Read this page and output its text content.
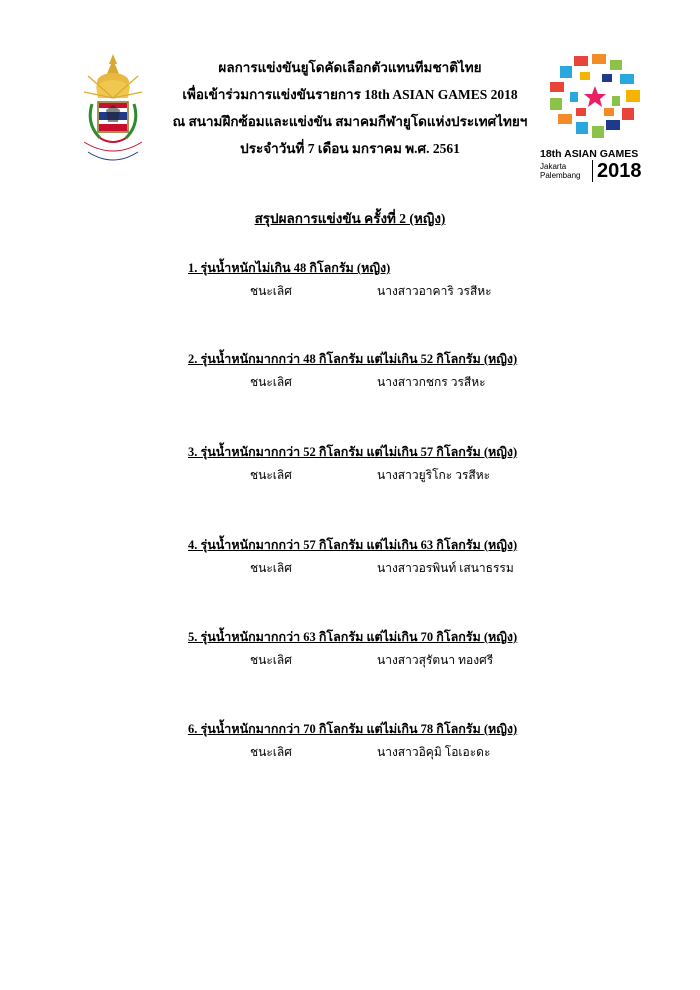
ผลการแข่งขันยูโดคัดเลือกตัวแทนทีมชาติไทย
เพื่อเข้าร่วมการแข่งขันรายการ 18th ASIAN GAMES 2018
ณ สนามฝึกซ้อมและแข่งขัน สมาคมกีฬายูโดแห่งประเทศไทยฯ
ประจำวันที่ 7 เดือน มกราคม พ.ศ. 2561	18th ASIAN GAMES
Jakarta
Palembang 2018
สรุปผลการแข่งขัน ครั้งที่ 2 (หญิง)
1. รุ่นน้ำหนักไม่เกิน 48 กิโลกรัม (หญิง)
ชนะเลิศ	นางสาวอาคาริ วรสีหะ
2. รุ่นน้ำหนักมากกว่า 48 กิโลกรัม แต่ไม่เกิน 52 กิโลกรัม (หญิง)
ชนะเลิศ	นางสาวกชกร วรสีหะ
3. รุ่นน้ำหนักมากกว่า 52 กิโลกรัม แต่ไม่เกิน 57 กิโลกรัม (หญิง)
ชนะเลิศ	นางสาวยูริโกะ วรสีหะ
4. รุ่นน้ำหนักมากกว่า 57 กิโลกรัม แต่ไม่เกิน 63 กิโลกรัม (หญิง)
ชนะเลิศ	นางสาวอรพินท์ เสนาธรรม
5. รุ่นน้ำหนักมากกว่า 63 กิโลกรัม แต่ไม่เกิน 70 กิโลกรัม (หญิง)
ชนะเลิศ	นางสาวสุรัตนา ทองศรี
6. รุ่นน้ำหนักมากกว่า 70 กิโลกรัม แต่ไม่เกิน 78 กิโลกรัม (หญิง)
ชนะเลิศ	นางสาวอิคุมิ โอเอะดะ
